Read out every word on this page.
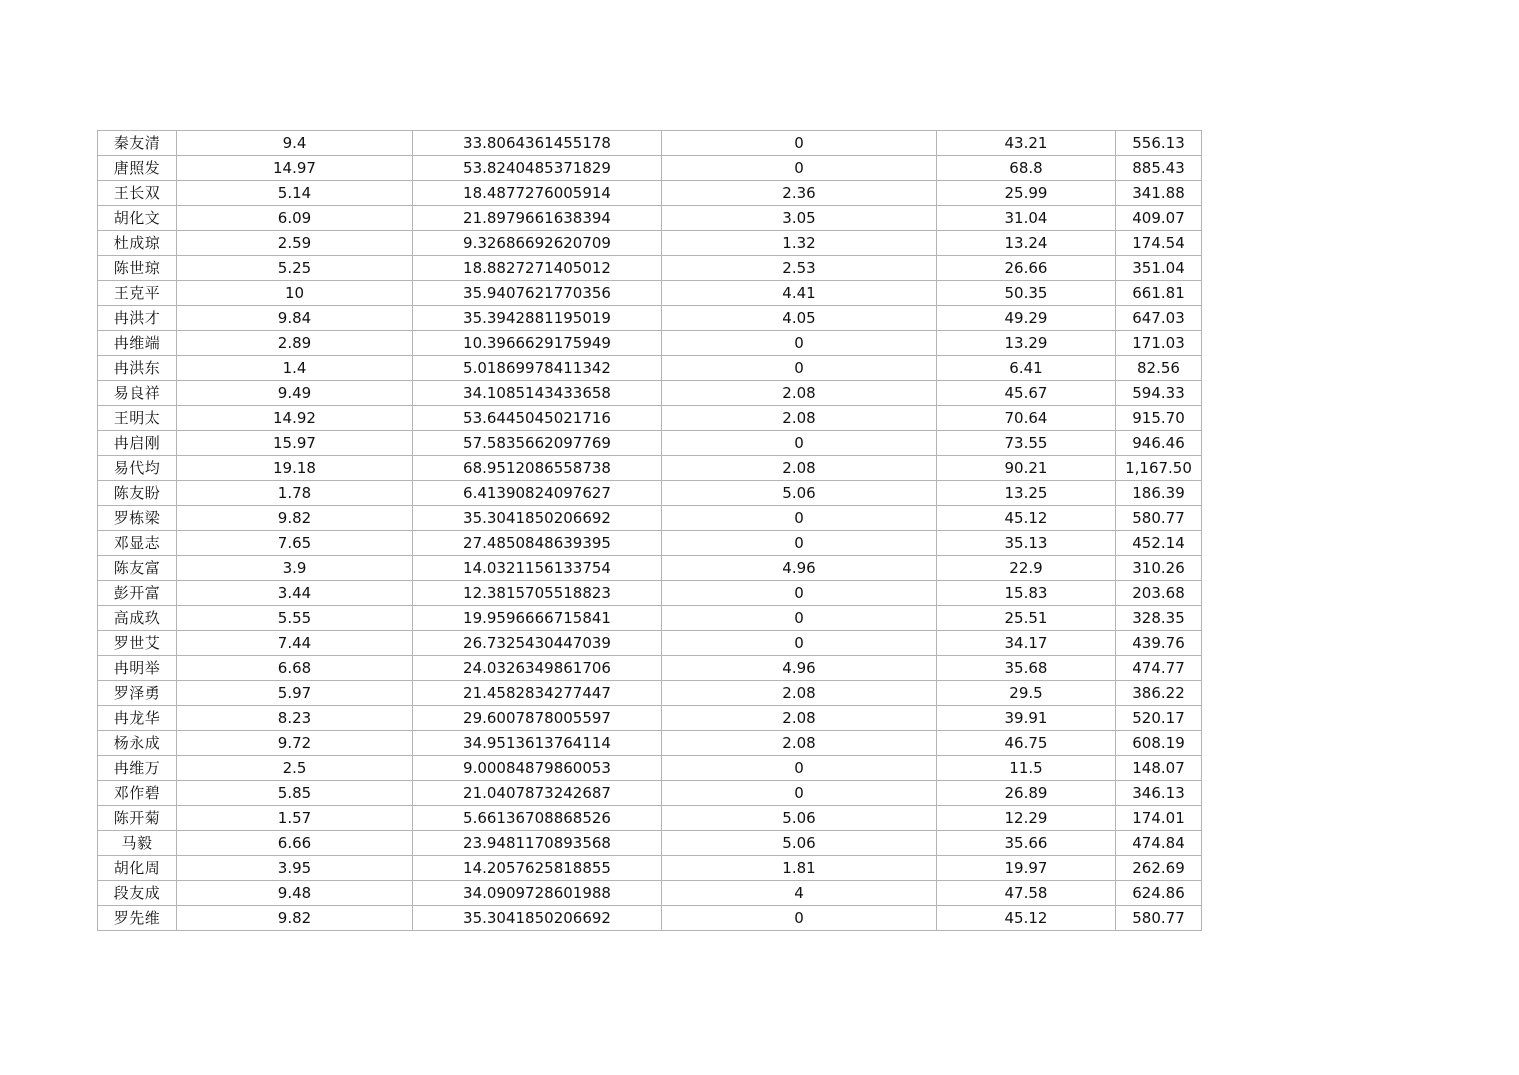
秦友清	9.4	33.8064361455178	0	43.21	556.13
唐照发	14.97	53.8240485371829	0	68.8	885.43
王长双	5.14	18.4877276005914	2.36	25.99	341.88
胡化文	6.09	21.8979661638394	3.05	31.04	409.07
杜成琼	2.59	9.32686692620709	1.32	13.24	174.54
陈世琼	5.25	18.8827271405012	2.53	26.66	351.04
王克平	10	35.9407621770356	4.41	50.35	661.81
冉洪才	9.84	35.3942881195019	4.05	49.29	647.03
冉维端	2.89	10.3966629175949	0	13.29	171.03
冉洪东	1.4	5.01869978411342	0	6.41	82.56
易良祥	9.49	34.1085143433658	2.08	45.67	594.33
王明太	14.92	53.6445045021716	2.08	70.64	915.70
冉启刚	15.97	57.5835662097769	0	73.55	946.46
易代均	19.18	68.9512086558738	2.08	90.21	1,167.50
陈友盼	1.78	6.41390824097627	5.06	13.25	186.39
罗栋梁	9.82	35.3041850206692	0	45.12	580.77
邓显志	7.65	27.4850848639395	0	35.13	452.14
陈友富	3.9	14.0321156133754	4.96	22.9	310.26
彭开富	3.44	12.3815705518823	0	15.83	203.68
高成玖	5.55	19.9596666715841	0	25.51	328.35
罗世艾	7.44	26.7325430447039	0	34.17	439.76
冉明举	6.68	24.0326349861706	4.96	35.68	474.77
罗泽勇	5.97	21.4582834277447	2.08	29.5	386.22
冉龙华	8.23	29.6007878005597	2.08	39.91	520.17
杨永成	9.72	34.9513613764114	2.08	46.75	608.19
冉维万	2.5	9.00084879860053	0	11.5	148.07
邓作碧	5.85	21.0407873242687	0	26.89	346.13
陈开菊	1.57	5.66136708868526	5.06	12.29	174.01
马毅	6.66	23.9481170893568	5.06	35.66	474.84
胡化周	3.95	14.2057625818855	1.81	19.97	262.69
段友成	9.48	34.0909728601988	4	47.58	624.86
罗先维	9.82	35.3041850206692	0	45.12	580.77
